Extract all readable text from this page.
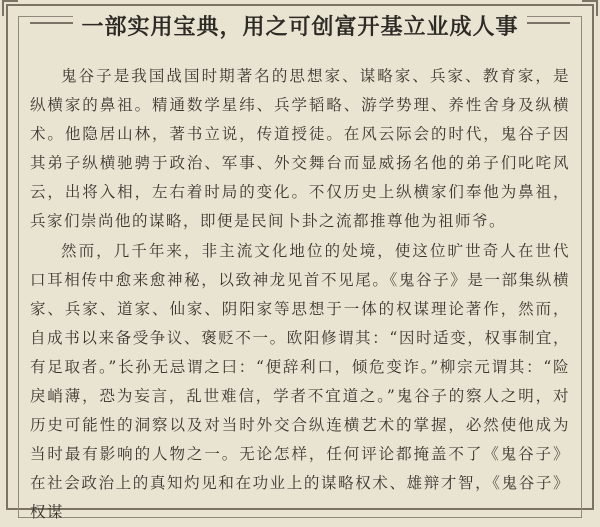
一部实用宝典，用之可创富开基立业成人事

鬼谷子是我国战国时期著名的思想家、谋略家、兵家、教育家，是纵横家的鼻祖。精通数学星纬、兵学韬略、游学势理、养性舍身及纵横术。他隐居山林，著书立说，传道授徒。在风云际会的时代，鬼谷子因其弟子纵横驰骋于政治、军事、外交舞台而显威扬名他的弟子们叱咤风云，出将入相，左右着时局的变化。不仅历史上纵横家们奉他为鼻祖，兵家们崇尚他的谋略，即便是民间卜卦之流都推尊他为祖师爷。

然而，几千年来，非主流文化地位的处境，使这位旷世奇人在世代口耳相传中愈来愈神秘，以致神龙见首不见尾。《鬼谷子》是一部集纵横家、兵家、道家、仙家、阴阳家等思想于一体的权谋理论著作，然而，自成书以来备受争议、褒贬不一。欧阳修谓其：“因时适变，权事制宜，有足取者。”长孙无忌谓之曰：“便辞利口，倾危变诈。”柳宗元谓其：“险戾峭薄，恐为妄言，乱世难信，学者不宜道之。”鬼谷子的察人之明，对历史可能性的洞察以及对当时外交合纵连横艺术的掌握，必然使他成为当时最有影响的人物之一。无论怎样，任何评论都掩盖不了《鬼谷子》在社会政治上的真知灼见和在功业上的谋略权术、雄辩才智，《鬼谷子》权谋
